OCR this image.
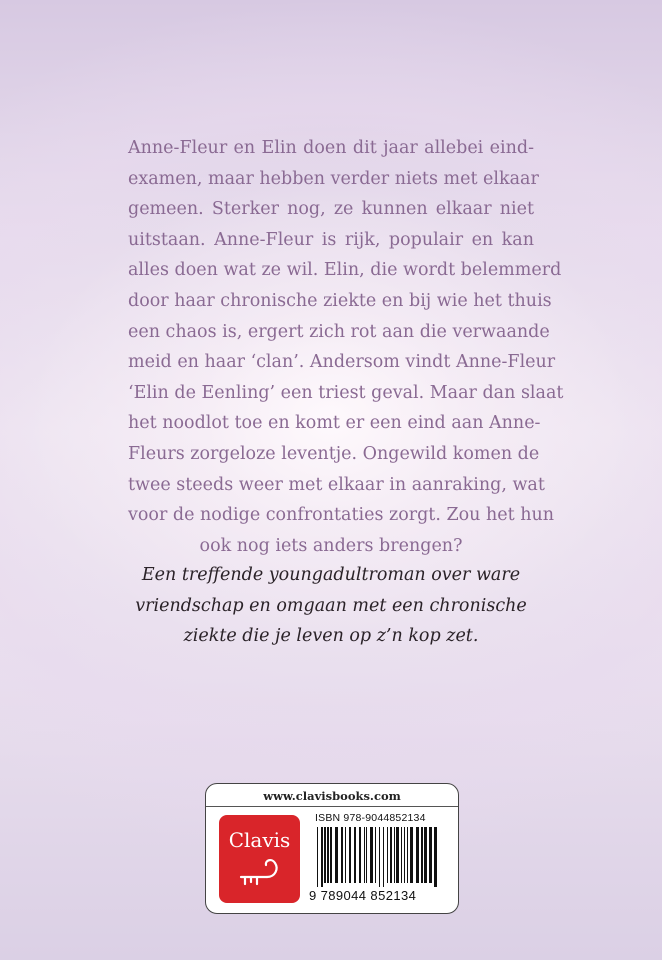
Anne-Fleur en Elin doen dit jaar allebei eind-
examen, maar hebben verder niets met elkaar
gemeen. Sterker nog, ze kunnen elkaar niet
uitstaan. Anne-Fleur is rijk, populair en kan
alles doen wat ze wil. Elin, die wordt belemmerd
door haar chronische ziekte en bij wie het thuis
een chaos is, ergert zich rot aan die verwaande
meid en haar ‘clan’. Andersom vindt Anne-Fleur
‘Elin de Eenling’ een triest geval. Maar dan slaat
het noodlot toe en komt er een eind aan Anne-
Fleurs zorgeloze leventje. Ongewild komen de
twee steeds weer met elkaar in aanraking, wat
voor de nodige confrontaties zorgt. Zou het hun
ook nog iets anders brengen?
Een treffende youngadultroman over ware
vriendschap en omgaan met een chronische
ziekte die je leven op z’n kop zet.
www.clavisbooks.com
Clavis
ISBN 978-9044852134
9 789044 852134
